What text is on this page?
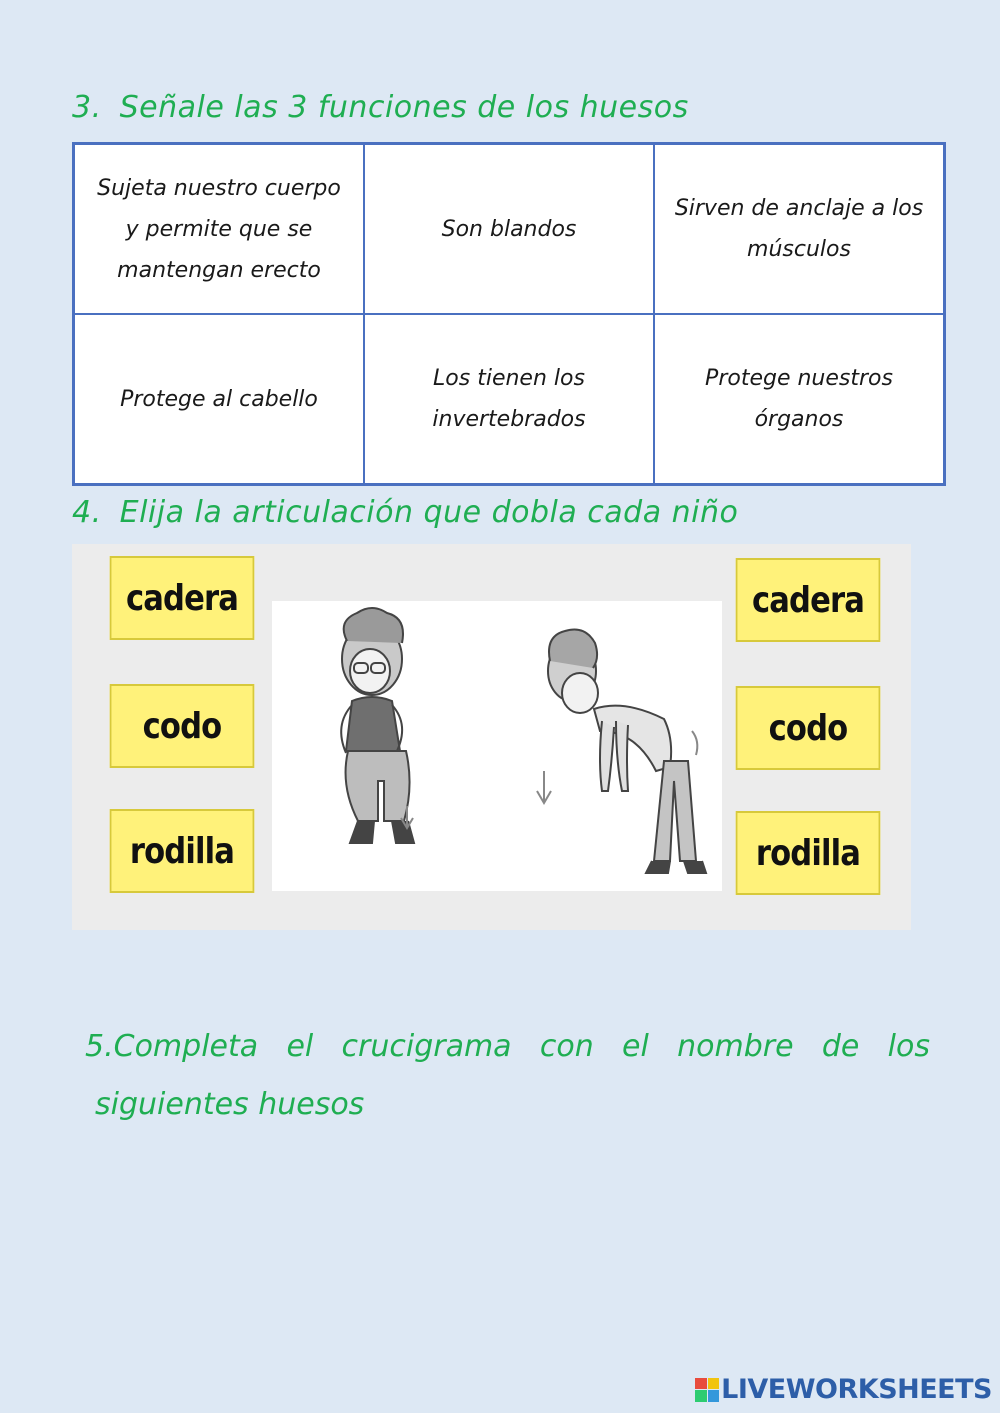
3. Señale las 3 funciones de los huesos
Sujeta nuestro cuerpo y permite que se mantengan erecto
Son blandos
Sirven de anclaje a los músculos
Protege al cabello
Los tienen los invertebrados
Protege nuestros órganos
4. Elija la articulación que dobla cada niño
cadera
codo
rodilla
cadera
codo
rodilla
5.Completa el crucigrama con el nombre de los
siguientes huesos
LIVEWORKSHEETS
